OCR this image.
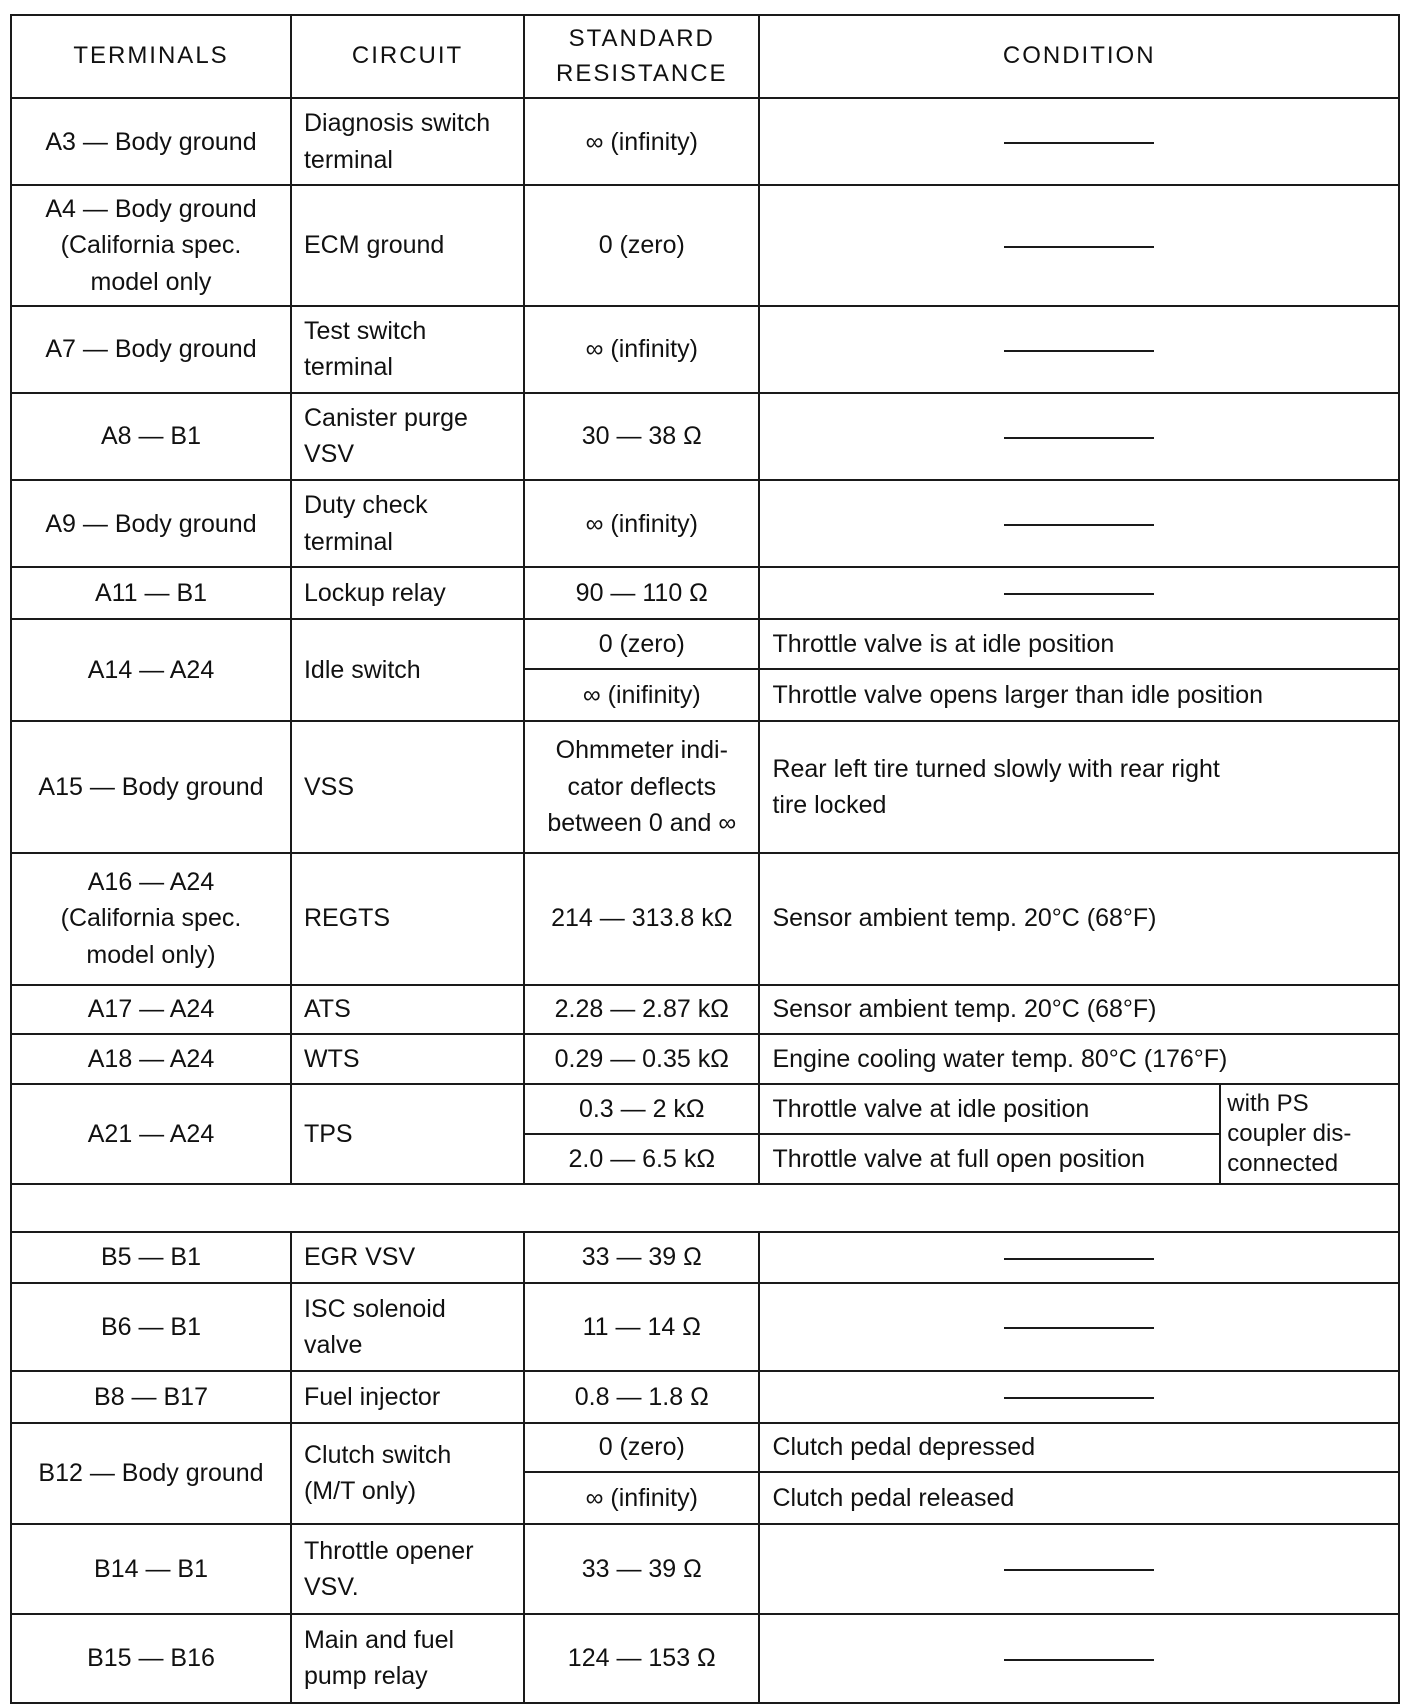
TERMINALS	CIRCUIT	STANDARD
RESISTANCE	CONDITION	
A3 — Body ground	Diagnosis switch
terminal	∞ (infinity)		
A4 — Body ground
(California spec.
model only	ECM ground	0 (zero)		
A7 — Body ground	Test switch
terminal	∞ (infinity)		
A8 — B1	Canister purge
VSV	30 — 38 Ω		
A9 — Body ground	Duty check
terminal	∞ (infinity)		
A11 — B1	Lockup relay	90 — 110 Ω		
A14 — A24	Idle switch	0 (zero)	Throttle valve is at idle position	
		∞ (inifinity)	Throttle valve opens larger than idle position	
A15 — Body ground	VSS	Ohmmeter indi-
cator deflects
between 0 and ∞	Rear left tire turned slowly with rear right
tire locked	
A16 — A24
(California spec.
model only)	REGTS	214 — 313.8 kΩ	Sensor ambient temp. 20°C (68°F)	
A17 — A24	ATS	2.28 — 2.87 kΩ	Sensor ambient temp. 20°C (68°F)	
A18 — A24	WTS	0.29 — 0.35 kΩ	Engine cooling water temp. 80°C (176°F)	
A21 — A24	TPS	0.3 — 2 kΩ	Throttle valve at idle position	with PS
coupler dis-
connected
		2.0 — 6.5 kΩ	Throttle valve at full open position	

B5 — B1	EGR VSV	33 — 39 Ω		
B6 — B1	ISC solenoid
valve	11 — 14 Ω		
B8 — B17	Fuel injector	0.8 — 1.8 Ω		
B12 — Body ground	Clutch switch
(M/T only)	0 (zero)	Clutch pedal depressed	
		∞ (infinity)	Clutch pedal released	
B14 — B1	Throttle opener
VSV.	33 — 39 Ω		
B15 — B16	Main and fuel
pump relay	124 — 153 Ω		
